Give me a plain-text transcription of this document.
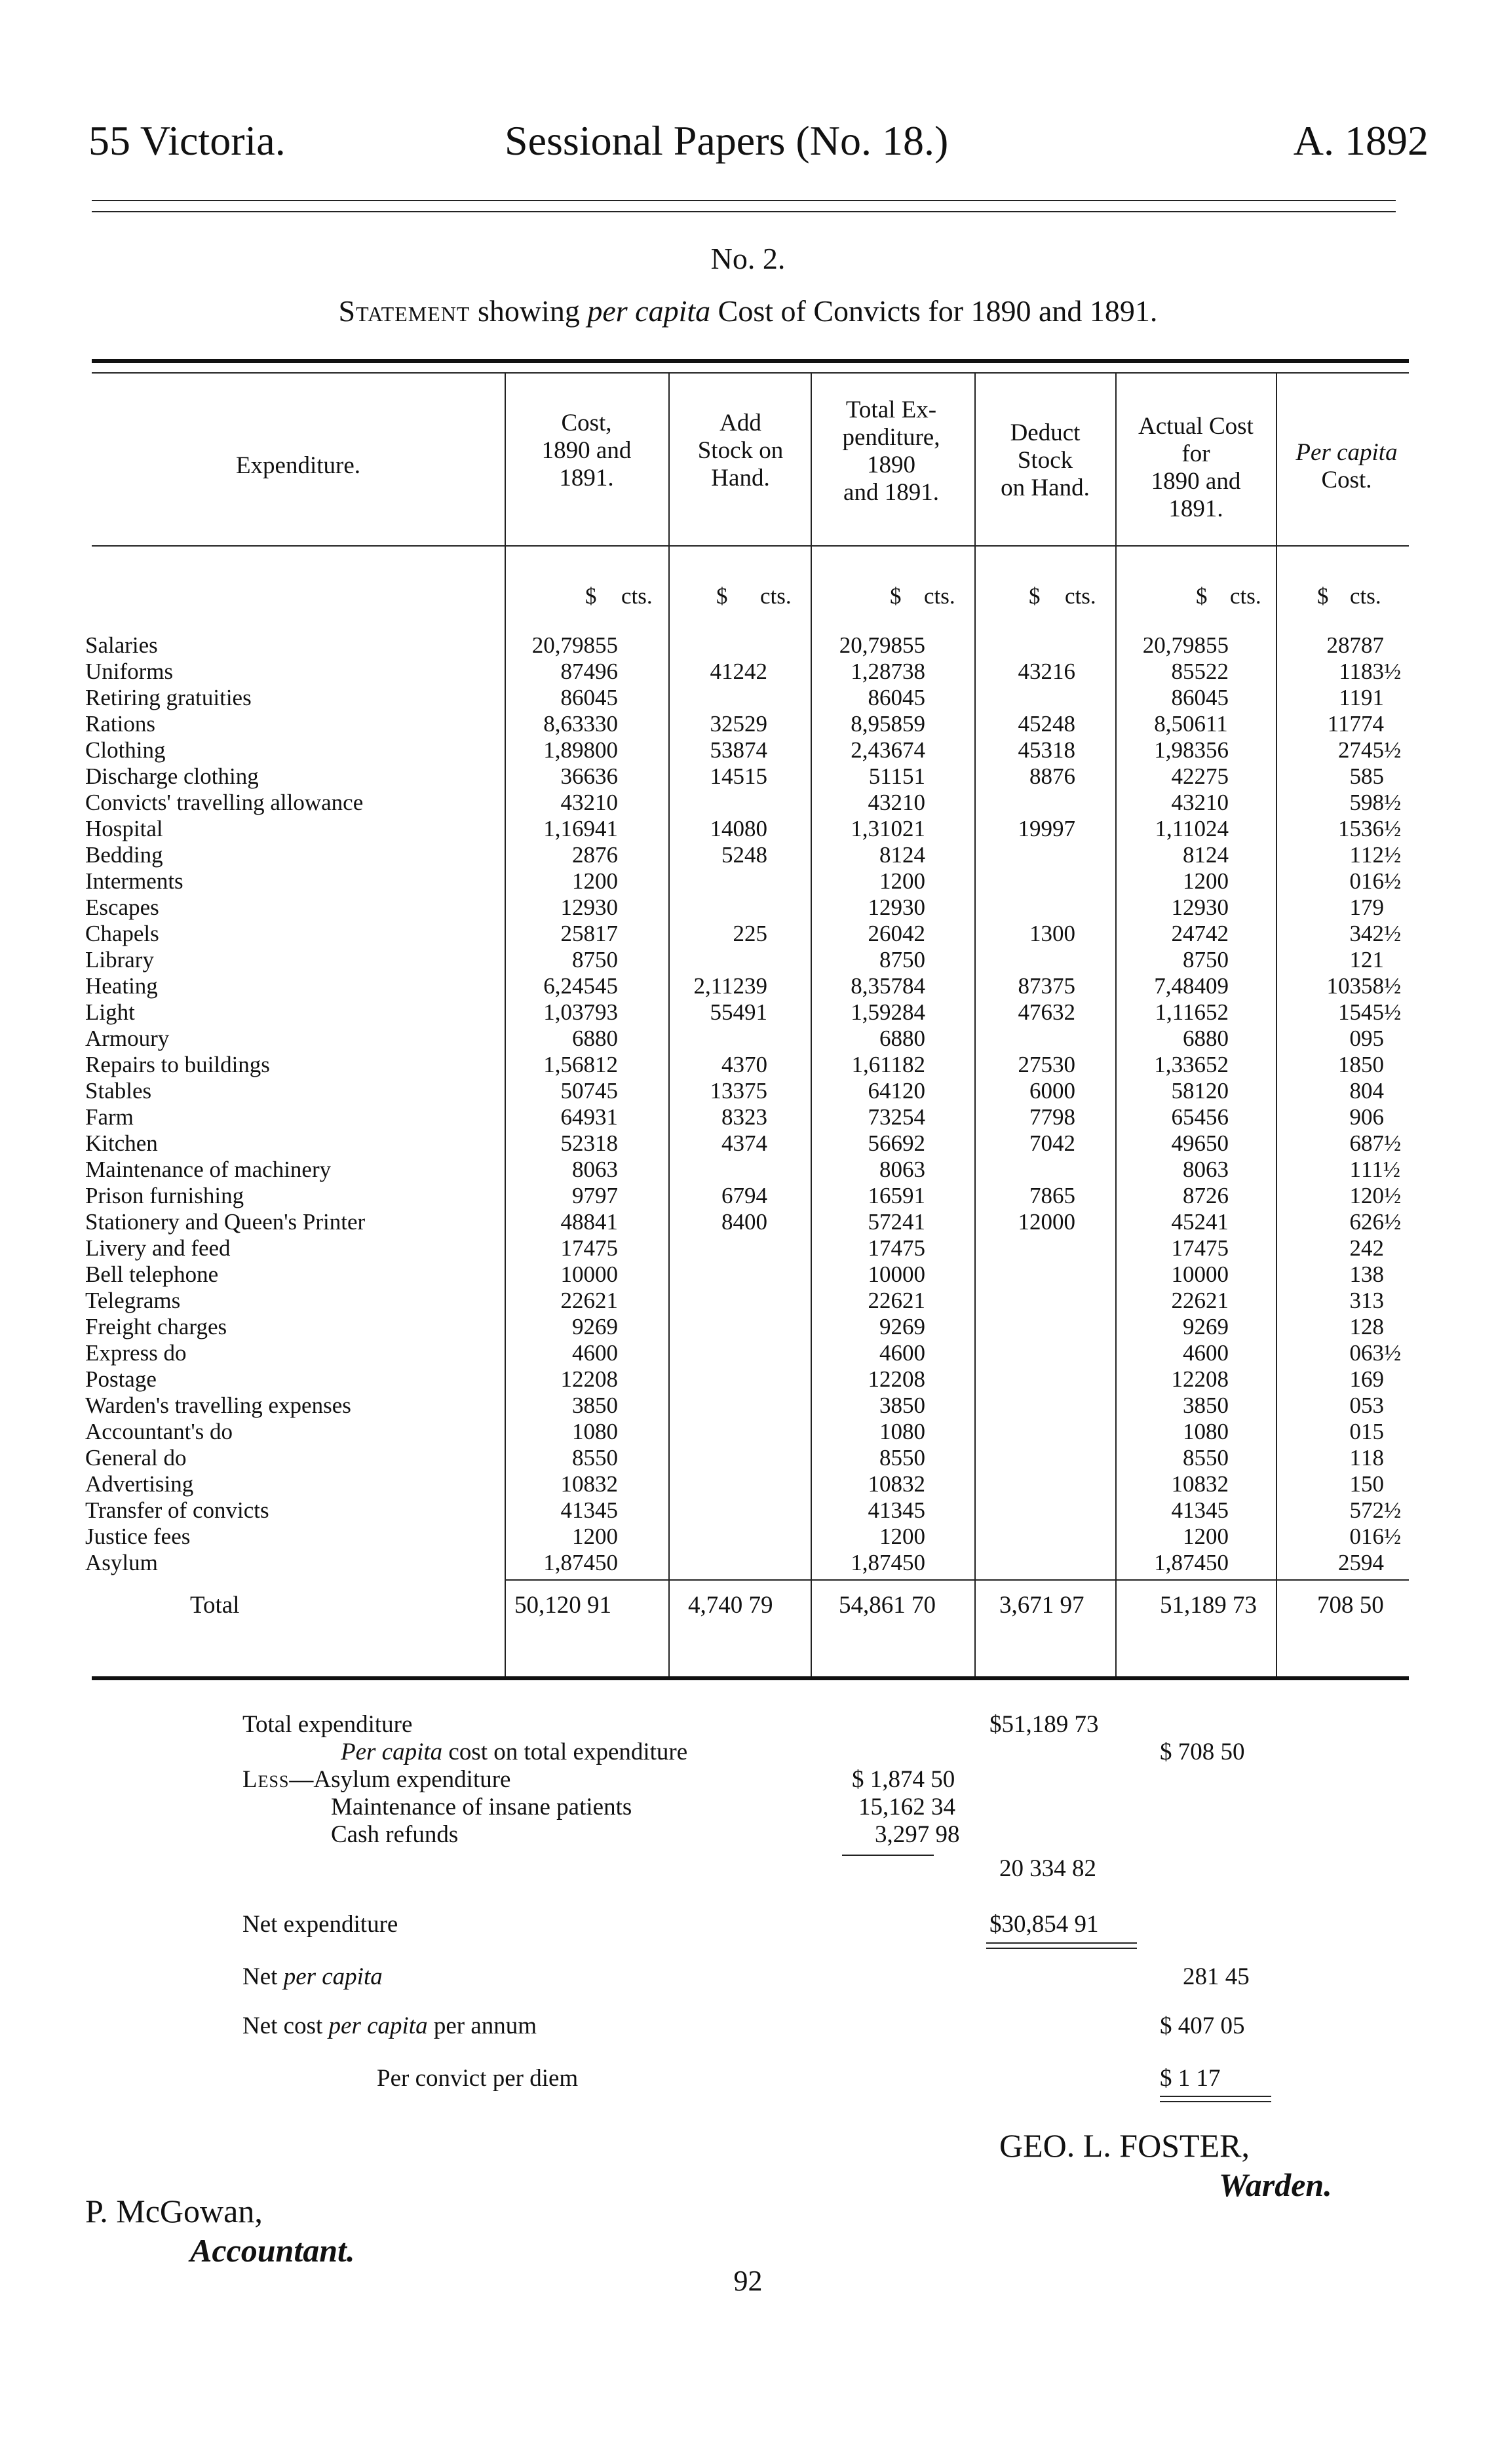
55 Victoria.	Sessional Papers (No. 18.)	A. 1892
No. 2.
Statement showing per capita Cost of Convicts for 1890 and 1891.
Expenditure.
Cost,
1890 and
1891.
Add
Stock on
Hand.
Total Ex-
penditure,
1890
and 1891.
Deduct
Stock
on Hand.
Actual Cost
for
1890 and
1891.
Per capita
Cost.
$ cts.	$ cts.	$ cts.	$ cts.	$ cts. $ cts.
Salaries	20,798	55			20,798	55			20,798	55	287	87
Uniforms	874	96	412	42	1,287	38	432	16	855	22	11	83½
Retiring gratuities	860	45			860	45			860	45	11	91
Rations	8,633	30	325	29	8,958	59	452	48	8,506	11	117	74
Clothing	1,898	00	538	74	2,436	74	453	18	1,983	56	27	45½
Discharge clothing	366	36	145	15	511	51	88	76	422	75	5	85
Convicts' travelling allowance	432	10			432	10			432	10	5	98½
Hospital	1,169	41	140	80	1,310	21	199	97	1,110	24	15	36½
Bedding	28	76	52	48	81	24			81	24	1	12½
Interments	12	00			12	00			12	00	0	16½
Escapes	129	30			129	30			129	30	1	79
Chapels	258	17	2	25	260	42	13	00	247	42	3	42½
Library	87	50			87	50			87	50	1	21
Heating	6,245	45	2,112	39	8,357	84	873	75	7,484	09	103	58½
Light	1,037	93	554	91	1,592	84	476	32	1,116	52	15	45½
Armoury	68	80			68	80			68	80	0	95
Repairs to buildings	1,568	12	43	70	1,611	82	275	30	1,336	52	18	50
Stables	507	45	133	75	641	20	60	00	581	20	8	04
Farm	649	31	83	23	732	54	77	98	654	56	9	06
Kitchen	523	18	43	74	566	92	70	42	496	50	6	87½
Maintenance of machinery	80	63			80	63			80	63	1	11½
Prison furnishing	97	97	67	94	165	91	78	65	87	26	1	20½
Stationery and Queen's Printer	488	41	84	00	572	41	120	00	452	41	6	26½
Livery and feed	174	75			174	75			174	75	2	42
Bell telephone	100	00			100	00			100	00	1	38
Telegrams	226	21			226	21			226	21	3	13
Freight charges	92	69			92	69			92	69	1	28
Express do	46	00			46	00			46	00	0	63½
Postage	122	08			122	08			122	08	1	69
Warden's travelling expenses	38	50			38	50			38	50	0	53
Accountant's do	10	80			10	80			10	80	0	15
General do	85	50			85	50			85	50	1	18
Advertising	108	32			108	32			108	32	1	50
Transfer of convicts	413	45			413	45			413	45	5	72½
Justice fees	12	00			12	00			12	00	0	16½
Asylum	1,874	50			1,874	50			1,874	50	25	94
Total	50,120 91	4,740 79	54,861 70	3,671 97	51,189 73 708 50
Total expenditure	$51,189 73
Per capita cost on total expenditure	$ 708 50
Less—Asylum expenditure	$ 1,874 50
Maintenance of insane patients	15,162 34
Cash refunds	3,297 98
20 334 82
Net expenditure	$30,854 91
Net per capita	281 45
Net cost per capita per annum	$ 407 05
Per convict per diem	$ 1 17
GEO. L. FOSTER,
Warden.
P. McGowan,
Accountant.
92
